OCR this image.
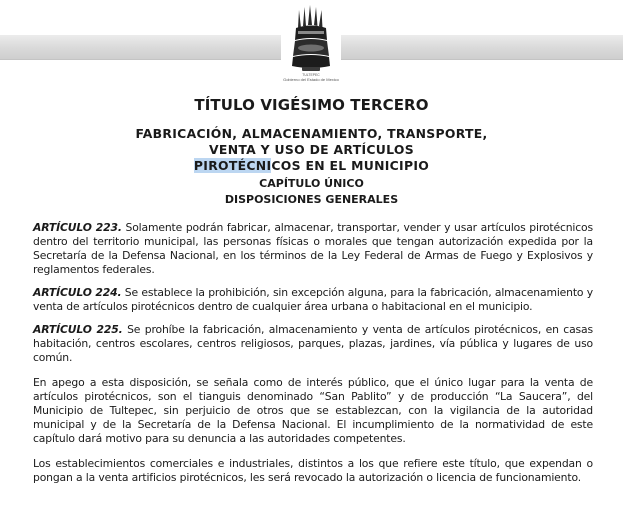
TULTEPEC
Gobierno del Estado de Mexico
TÍTULO VIGÉSIMO TERCERO
FABRICACIÓN, ALMACENAMIENTO, TRANSPORTE, VENTA Y USO DE ARTÍCULOS
PIROTÉCNICOS EN EL MUNICIPIO
CAPÍTULO ÚNICO
DISPOSICIONES GENERALES

ARTÍCULO 223. Solamente podrán fabricar, almacenar, transportar, vender y usar artículos pirotécnicos dentro del territorio municipal, las personas físicas o morales que tengan autorización expedida por la Secretaría de la Defensa Nacional, en los términos de la Ley Federal de Armas de Fuego y Explosivos y reglamentos federales.

ARTÍCULO 224. Se establece la prohibición, sin excepción alguna, para la fabricación, almacenamiento y venta de artículos pirotécnicos dentro de cualquier área urbana o habitacional en el municipio.

ARTÍCULO 225. Se prohíbe la fabricación, almacenamiento y venta de artículos pirotécnicos, en casas habitación, centros escolares, centros religiosos, parques, plazas, jardines, vía pública y lugares de uso común.

En apego a esta disposición, se señala como de interés público, que el único lugar para la venta de artículos pirotécnicos, son el tianguis denominado “San Pablito” y de producción “La Saucera”, del Municipio de Tultepec, sin perjuicio de otros que se establezcan, con la vigilancia de la autoridad municipal y de la Secretaría de la Defensa Nacional. El incumplimiento de la normatividad de este capítulo dará motivo para su denuncia a las autoridades competentes.

Los establecimientos comerciales e industriales, distintos a los que refiere este título, que expendan o pongan a la venta artificios pirotécnicos, les será revocado la autorización o licencia de funcionamiento.
